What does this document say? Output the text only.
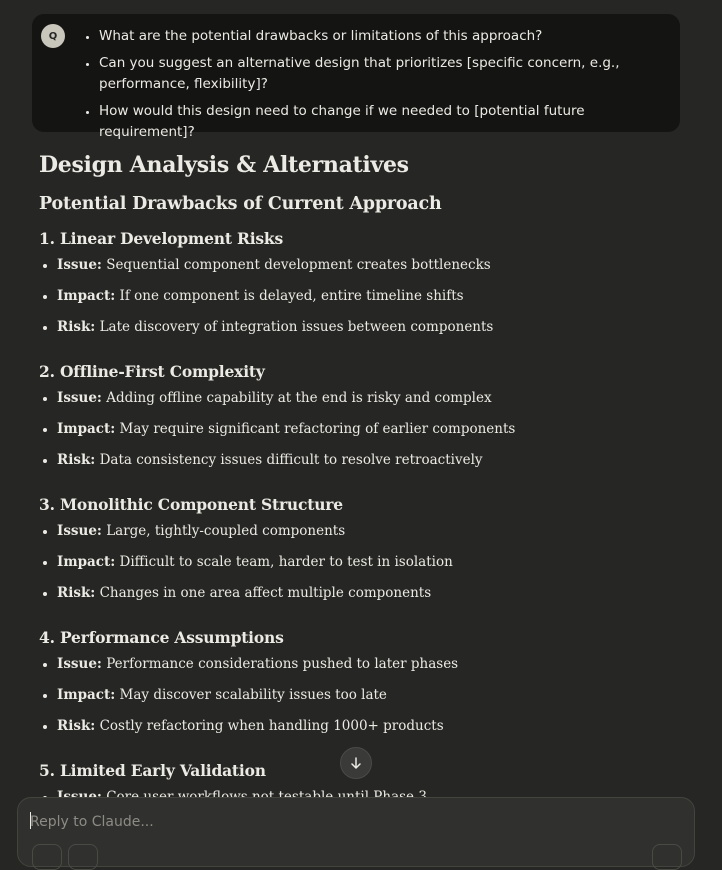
Q
•	What are the potential drawbacks or limitations of this approach?
• Can you suggest an alternative design that prioritizes [specific concern, e.g., performance, flexibility]?
• How would this design need to change if we needed to [potential future requirement]?
Design Analysis & Alternatives
Potential Drawbacks of Current Approach
1. Linear Development Risks
Issue: Sequential component development creates bottlenecks
Impact: If one component is delayed, entire timeline shifts
Risk: Late discovery of integration issues between components
2. Offline-First Complexity
Issue: Adding offline capability at the end is risky and complex
Impact: May require significant refactoring of earlier components
Risk: Data consistency issues difficult to resolve retroactively
3. Monolithic Component Structure
Issue: Large, tightly-coupled components
Impact: Difficult to scale team, harder to test in isolation
Risk: Changes in one area affect multiple components
4. Performance Assumptions
Issue: Performance considerations pushed to later phases
Impact: May discover scalability issues too late
Risk: Costly refactoring when handling 1000+ products
5. Limited Early Validation
Reply to Claude...
